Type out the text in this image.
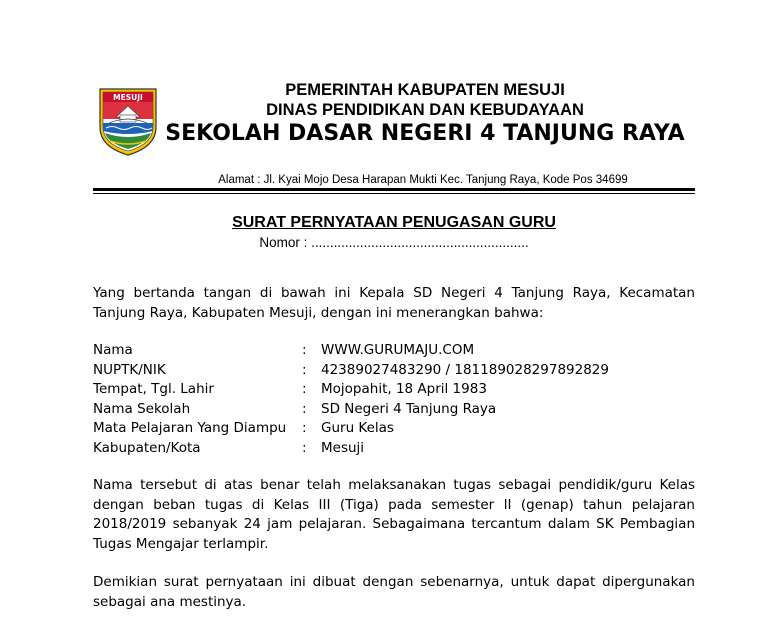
MESUJI	PEMERINTAH KABUPATEN MESUJI
DINAS PENDIDIKAN DAN KEBUDAYAAN
SEKOLAH DASAR NEGERI 4 TANJUNG RAYA
Alamat : Jl. Kyai Mojo Desa Harapan Mukti Kec. Tanjung Raya, Kode Pos 34699
SURAT PERNYATAAN PENUGASAN GURU
Nomor : ..........................................................

Yang bertanda tangan di bawah ini Kepala SD Negeri 4 Tanjung Raya, Kecamatan Tanjung Raya, Kabupaten Mesuji, dengan ini menerangkan bahwa:

Nama	:	WWW.GURUMAJU.COM
NUPTK/NIK	:	42389027483290 / 181189028297892829
Tempat, Tgl. Lahir	:	Mojopahit, 18 April 1983
Nama Sekolah	:	SD Negeri 4 Tanjung Raya
Mata Pelajaran Yang Diampu	:	Guru Kelas
Kabupaten/Kota	:	Mesuji

Nama tersebut di atas benar telah melaksanakan tugas sebagai pendidik/guru Kelas dengan beban tugas di Kelas III (Tiga) pada semester II (genap) tahun pelajaran 2018/2019 sebanyak 24 jam pelajaran. Sebagaimana tercantum dalam SK Pembagian Tugas Mengajar terlampir.

Demikian surat pernyataan ini dibuat dengan sebenarnya, untuk dapat dipergunakan sebagai ana mestinya.
